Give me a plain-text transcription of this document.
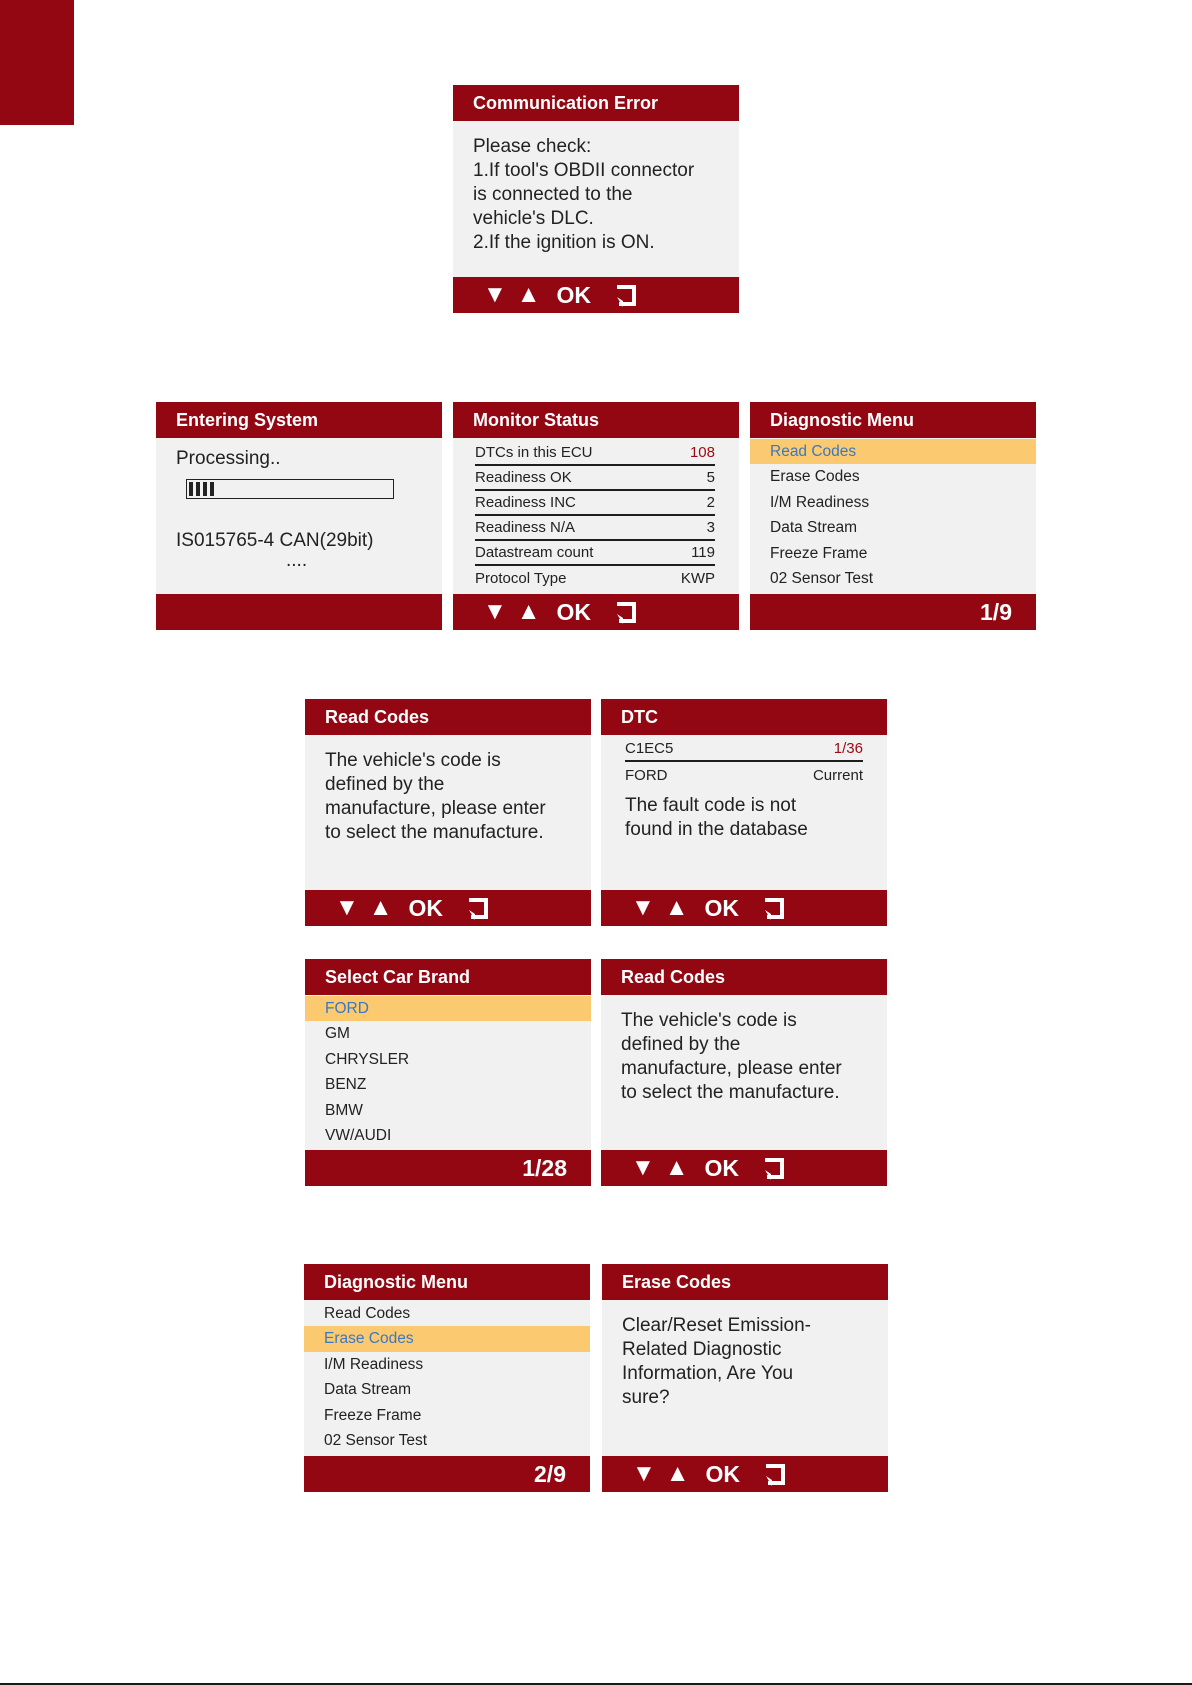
Communication Error
Please check:
1.If tool's OBDII connector
is connected to the
vehicle's DLC.
2.If the ignition is ON.
▼ ▲ OK
Entering System
Processing..
IS015765-4 CAN(29bit)
....
Monitor Status
DTCs in this ECU	108
Readiness OK	5
Readiness INC	2
Readiness N/A	3
Datastream count	119
Protocol Type	KWP
▼ ▲ OK
Diagnostic Menu
Read Codes
Erase Codes
I/M Readiness
Data Stream
Freeze Frame
02 Sensor Test
1/9
Read Codes
The vehicle's code is
defined by the
manufacture, please enter
to select the manufacture.
▼ ▲ OK
DTC
C1EC5	1/36
FORD	Current
The fault code is not
found in the database
▼ ▲ OK
Select Car Brand
FORD
GM
CHRYSLER
BENZ
BMW
VW/AUDI
1/28
Read Codes
The vehicle's code is
defined by the
manufacture, please enter
to select the manufacture.
▼ ▲ OK
Diagnostic Menu
Read Codes
Erase Codes
I/M Readiness
Data Stream
Freeze Frame
02 Sensor Test
2/9
Erase Codes
Clear/Reset Emission-
Related Diagnostic
Information, Are You
sure?
▼ ▲ OK
